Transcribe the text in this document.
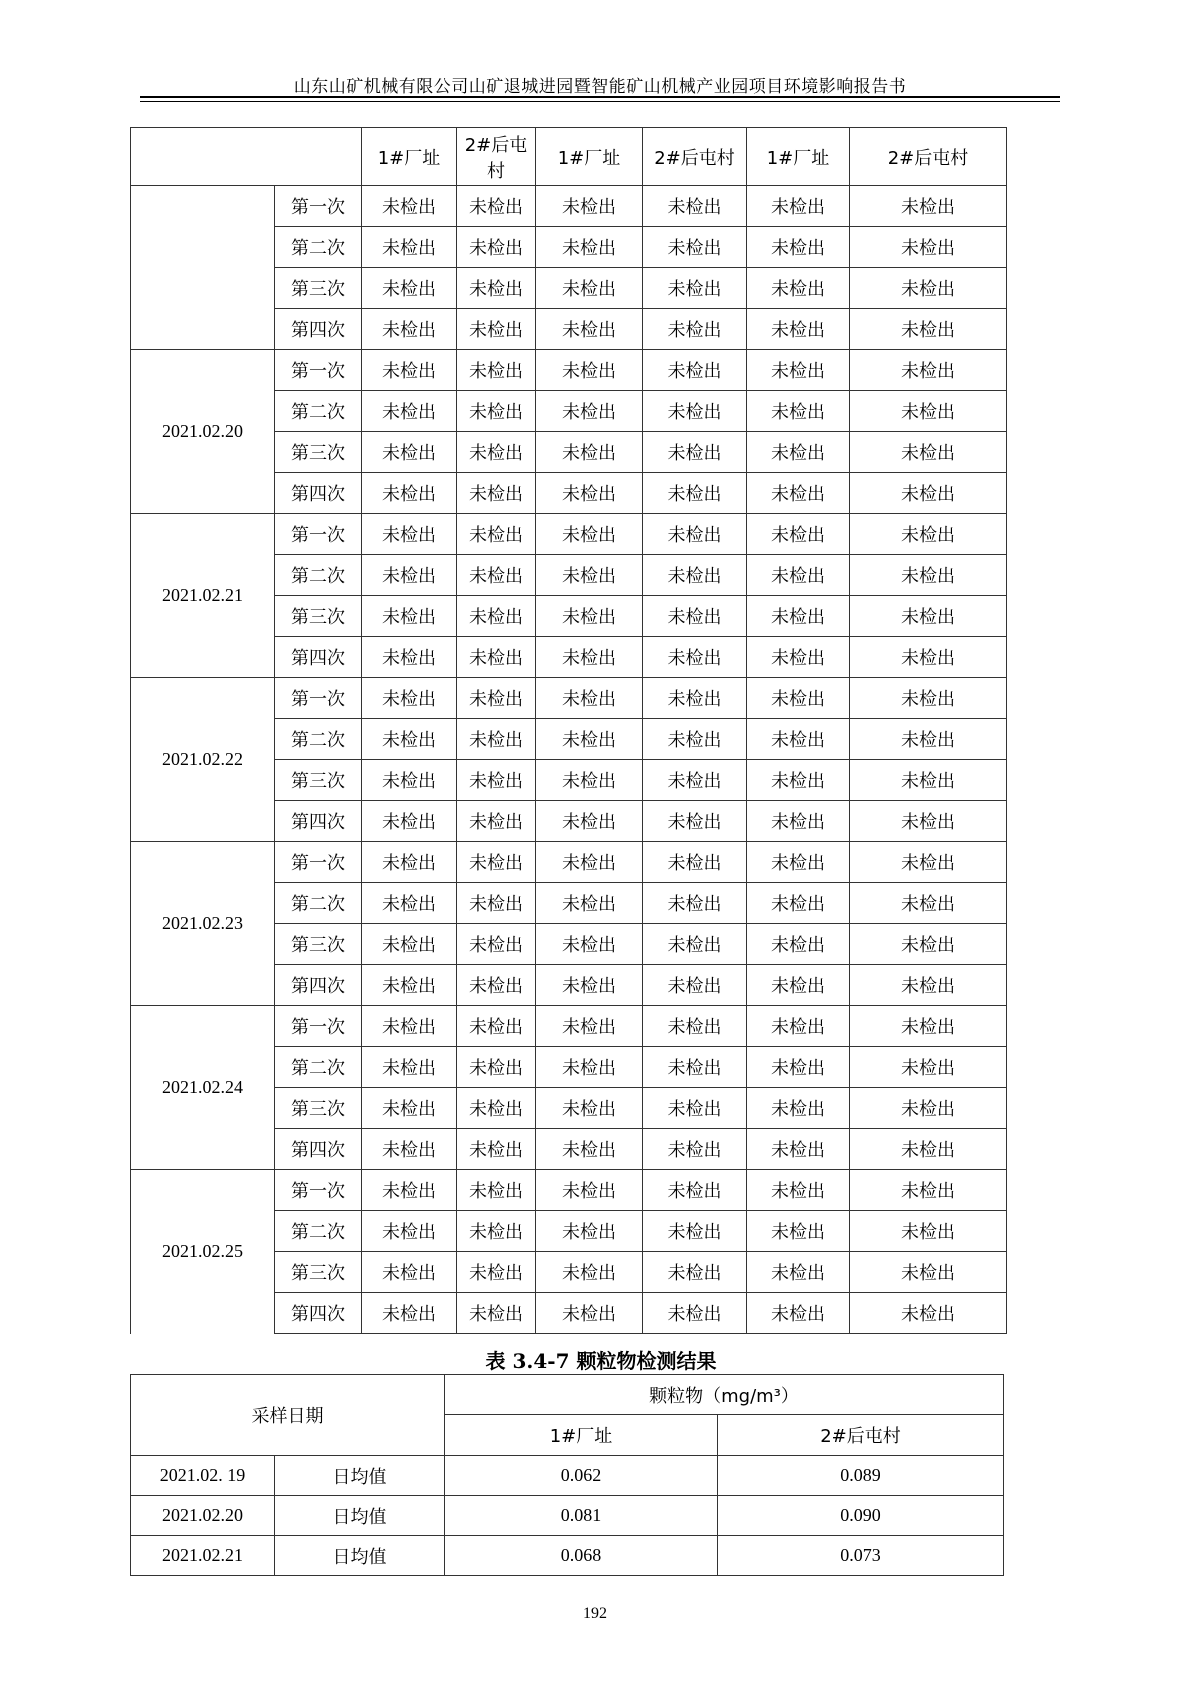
山东山矿机械有限公司山矿退城进园暨智能矿山机械产业园项目环境影响报告书
		1#厂址	2#后屯村	1#厂址	2#后屯村	1#厂址	2#后屯村
	第一次	未检出	未检出	未检出	未检出	未检出	未检出
	第二次	未检出	未检出	未检出	未检出	未检出	未检出
	第三次	未检出	未检出	未检出	未检出	未检出	未检出
	第四次	未检出	未检出	未检出	未检出	未检出	未检出
2021.02.20	第一次	未检出	未检出	未检出	未检出	未检出	未检出
	第二次	未检出	未检出	未检出	未检出	未检出	未检出
	第三次	未检出	未检出	未检出	未检出	未检出	未检出
	第四次	未检出	未检出	未检出	未检出	未检出	未检出
2021.02.21	第一次	未检出	未检出	未检出	未检出	未检出	未检出
	第二次	未检出	未检出	未检出	未检出	未检出	未检出
	第三次	未检出	未检出	未检出	未检出	未检出	未检出
	第四次	未检出	未检出	未检出	未检出	未检出	未检出
2021.02.22	第一次	未检出	未检出	未检出	未检出	未检出	未检出
	第二次	未检出	未检出	未检出	未检出	未检出	未检出
	第三次	未检出	未检出	未检出	未检出	未检出	未检出
	第四次	未检出	未检出	未检出	未检出	未检出	未检出
2021.02.23	第一次	未检出	未检出	未检出	未检出	未检出	未检出
	第二次	未检出	未检出	未检出	未检出	未检出	未检出
	第三次	未检出	未检出	未检出	未检出	未检出	未检出
	第四次	未检出	未检出	未检出	未检出	未检出	未检出
2021.02.24	第一次	未检出	未检出	未检出	未检出	未检出	未检出
	第二次	未检出	未检出	未检出	未检出	未检出	未检出
	第三次	未检出	未检出	未检出	未检出	未检出	未检出
	第四次	未检出	未检出	未检出	未检出	未检出	未检出
2021.02.25	第一次	未检出	未检出	未检出	未检出	未检出	未检出
	第二次	未检出	未检出	未检出	未检出	未检出	未检出
	第三次	未检出	未检出	未检出	未检出	未检出	未检出
	第四次	未检出	未检出	未检出	未检出	未检出	未检出
表 3.4-7 颗粒物检测结果
采样日期		颗粒物（mg/m³）	
		1#厂址	2#后屯村
2021.02. 19	日均值	0.062	0.089
2021.02.20	日均值	0.081	0.090
2021.02.21	日均值	0.068	0.073
192
